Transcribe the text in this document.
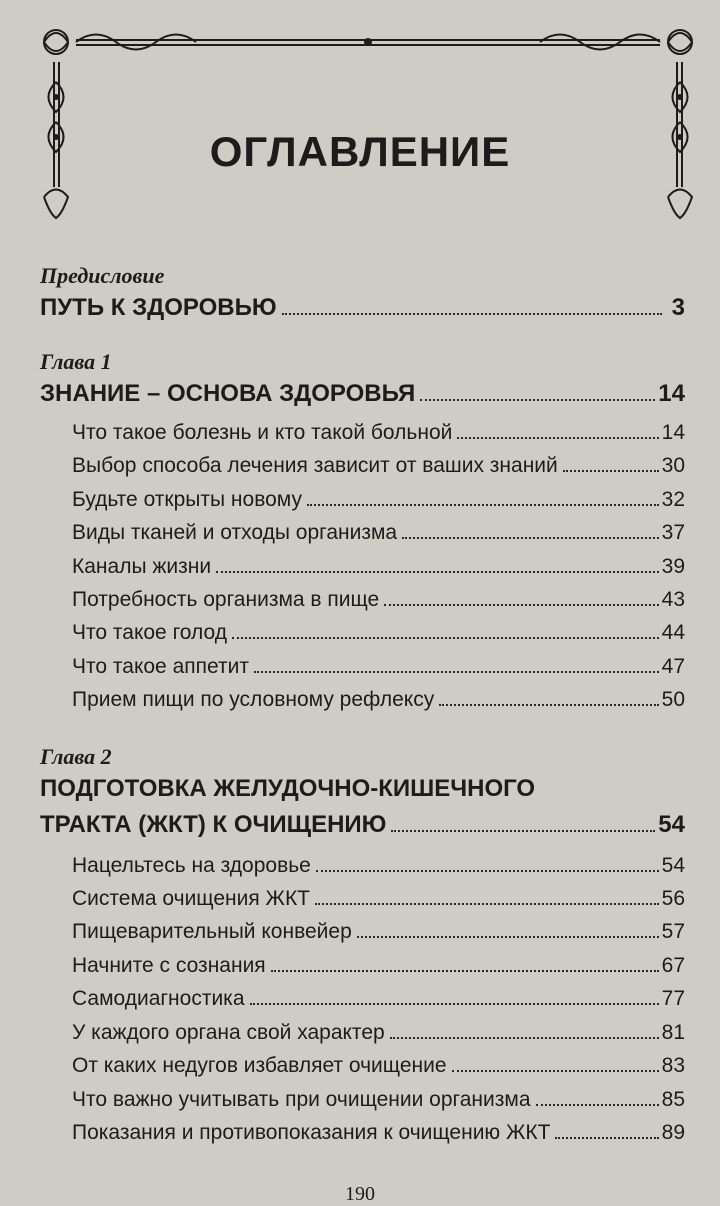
ОГЛАВЛЕНИЕ
Предисловие
ПУТЬ К ЗДОРОВЬЮ	3
Глава 1
ЗНАНИЕ – ОСНОВА ЗДОРОВЬЯ	14
Что такое болезнь и кто такой больной	14
Выбор способа лечения зависит от ваших знаний	30
Будьте открыты новому	32
Виды тканей и отходы организма	37
Каналы жизни	39
Потребность организма в пище	43
Что такое голод	44
Что такое аппетит	47
Прием пищи по условному рефлексу	50
Глава 2
ПОДГОТОВКА ЖЕЛУДОЧНО-КИШЕЧНОГО
ТРАКТА (ЖКТ) К ОЧИЩЕНИЮ	54
Нацельтесь на здоровье	54
Система очищения ЖКТ	56
Пищеварительный конвейер	57
Начните с сознания	67
Самодиагностика	77
У каждого органа свой характер	81
От каких недугов избавляет очищение	83
Что важно учитывать при очищении организма	85
Показания и противопоказания к очищению ЖКТ	89
190
